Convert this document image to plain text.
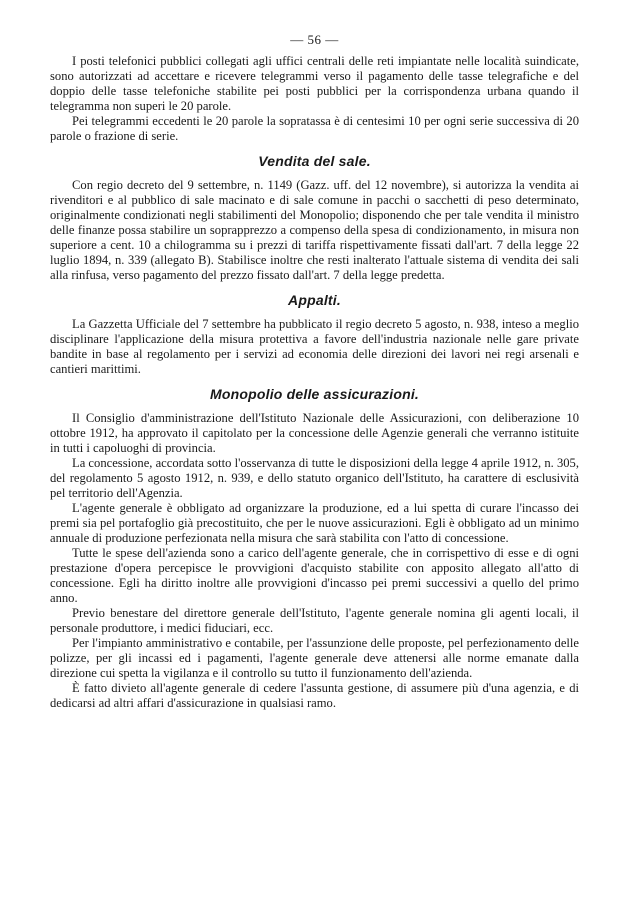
— 56 —

I posti telefonici pubblici collegati agli uffici centrali delle reti impiantate nelle località suindicate, sono autorizzati ad accettare e ricevere telegrammi verso il pagamento delle tasse telegrafiche e del doppio delle tasse telefoniche stabilite pei posti pubblici per la corrispondenza urbana quando il telegramma non superi le 20 parole.

Pei telegrammi eccedenti le 20 parole la sopratassa è di centesimi 10 per ogni serie successiva di 20 parole o frazione di serie.

Vendita del sale.

Con regio decreto del 9 settembre, n. 1149 (Gazz. uff. del 12 novembre), si autorizza la vendita ai rivenditori e al pubblico di sale macinato e di sale comune in pacchi o sacchetti di peso determinato, originalmente condizionati negli stabilimenti del Monopolio; disponendo che per tale vendita il ministro delle finanze possa stabilire un soprapprezzo a compenso della spesa di condizionamento, in misura non superiore a cent. 10 a chilogramma su i prezzi di tariffa rispettivamente fissati dall'art. 7 della legge 22 luglio 1894, n. 339 (allegato B). Stabilisce inoltre che resti inalterato l'attuale sistema di vendita dei sali alla rinfusa, verso pagamento del prezzo fissato dall'art. 7 della legge predetta.

Appalti.

La Gazzetta Ufficiale del 7 settembre ha pubblicato il regio decreto 5 agosto, n. 938, inteso a meglio disciplinare l'applicazione della misura protettiva a favore dell'industria nazionale nelle gare private bandite in base al regolamento per i servizi ad economia delle direzioni dei lavori nei regi arsenali e cantieri marittimi.

Monopolio delle assicurazioni.

Il Consiglio d'amministrazione dell'Istituto Nazionale delle Assicurazioni, con deliberazione 10 ottobre 1912, ha approvato il capitolato per la concessione delle Agenzie generali che verranno istituite in tutti i capoluoghi di provincia.

La concessione, accordata sotto l'osservanza di tutte le disposizioni della legge 4 aprile 1912, n. 305, del regolamento 5 agosto 1912, n. 939, e dello statuto organico dell'Istituto, ha carattere di esclusività pel territorio dell'Agenzia.

L'agente generale è obbligato ad organizzare la produzione, ed a lui spetta di curare l'incasso dei premi sia pel portafoglio già precostituito, che per le nuove assicurazioni. Egli è obbligato ad un minimo annuale di produzione perfezionata nella misura che sarà stabilita con l'atto di concessione.

Tutte le spese dell'azienda sono a carico dell'agente generale, che in corrispettivo di esse e di ogni prestazione d'opera percepisce le provvigioni d'acquisto stabilite con apposito allegato all'atto di concessione. Egli ha diritto inoltre alle provvigioni d'incasso pei premi successivi a quello del primo anno.

Previo benestare del direttore generale dell'Istituto, l'agente generale nomina gli agenti locali, il personale produttore, i medici fiduciari, ecc.

Per l'impianto amministrativo e contabile, per l'assunzione delle proposte, pel perfezionamento delle polizze, per gli incassi ed i pagamenti, l'agente generale deve attenersi alle norme emanate dalla direzione cui spetta la vigilanza e il controllo su tutto il funzionamento dell'azienda.

È fatto divieto all'agente generale di cedere l'assunta gestione, di assumere più d'una agenzia, e di dedicarsi ad altri affari d'assicurazione in qualsiasi ramo.
